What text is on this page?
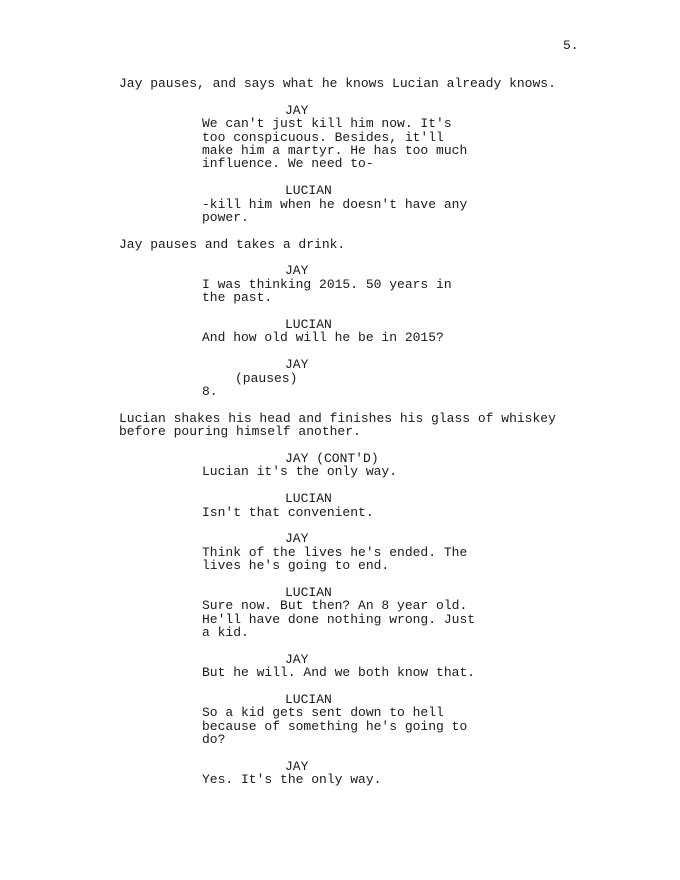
5.
Jay pauses, and says what he knows Lucian already knows.
JAY
We can't just kill him now. It's
too conspicuous. Besides, it'll
make him a martyr. He has too much
influence. We need to-
LUCIAN
-kill him when he doesn't have any
power.
Jay pauses and takes a drink.
JAY
I was thinking 2015. 50 years in
the past.
LUCIAN
And how old will he be in 2015?
JAY
(pauses)
8.
Lucian shakes his head and finishes his glass of whiskey
before pouring himself another.
JAY (CONT'D)
Lucian it's the only way.
LUCIAN
Isn't that convenient.
JAY
Think of the lives he's ended. The
lives he's going to end.
LUCIAN
Sure now. But then? An 8 year old.
He'll have done nothing wrong. Just
a kid.
JAY
But he will. And we both know that.
LUCIAN
So a kid gets sent down to hell
because of something he's going to
do?
JAY
Yes. It's the only way.
